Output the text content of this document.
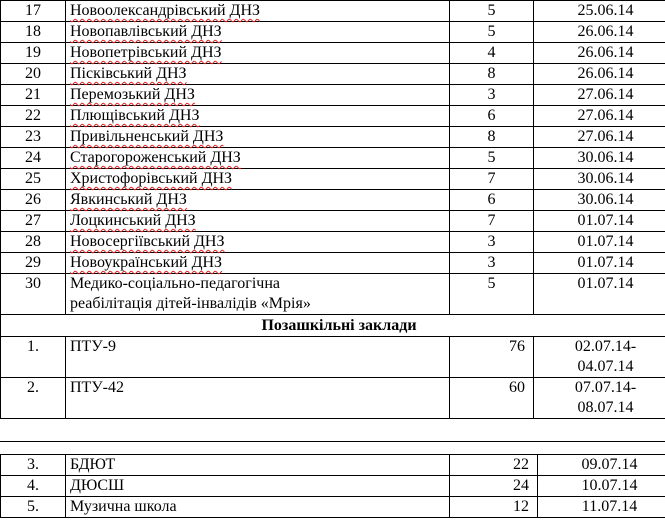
17	Новоолександрівський ДНЗ	5	25.06.14
18	Новопавлівський ДНЗ	5	26.06.14
19	Новопетрівський ДНЗ	4	26.06.14
20	Пісківський ДНЗ	8	26.06.14
21	Перемозький ДНЗ	3	27.06.14
22	Плющівський ДНЗ	6	27.06.14
23	Привільненський ДНЗ	8	27.06.14
24	Старогороженський ДНЗ	5	30.06.14
25	Христофорівський ДНЗ	7	30.06.14
26	Явкинський ДНЗ	6	30.06.14
27	Лоцкинський ДНЗ	7	01.07.14
28	Новосергіївський ДНЗ	3	01.07.14
29	Новоукраїнський ДНЗ	3	01.07.14
30	Медико-соціально-педагогічна
реабілітація дітей-інвалідів «Мрія»	5	01.07.14
Позашкільні заклади			
1.	ПТУ-9	76	02.07.14-
04.07.14

2.	ПТУ-42	60	07.07.14-
08.07.14
3.	БДЮТ	22	09.07.14
4.	ДЮСШ	24	10.07.14
5.	Музична школа	12	11.07.14
